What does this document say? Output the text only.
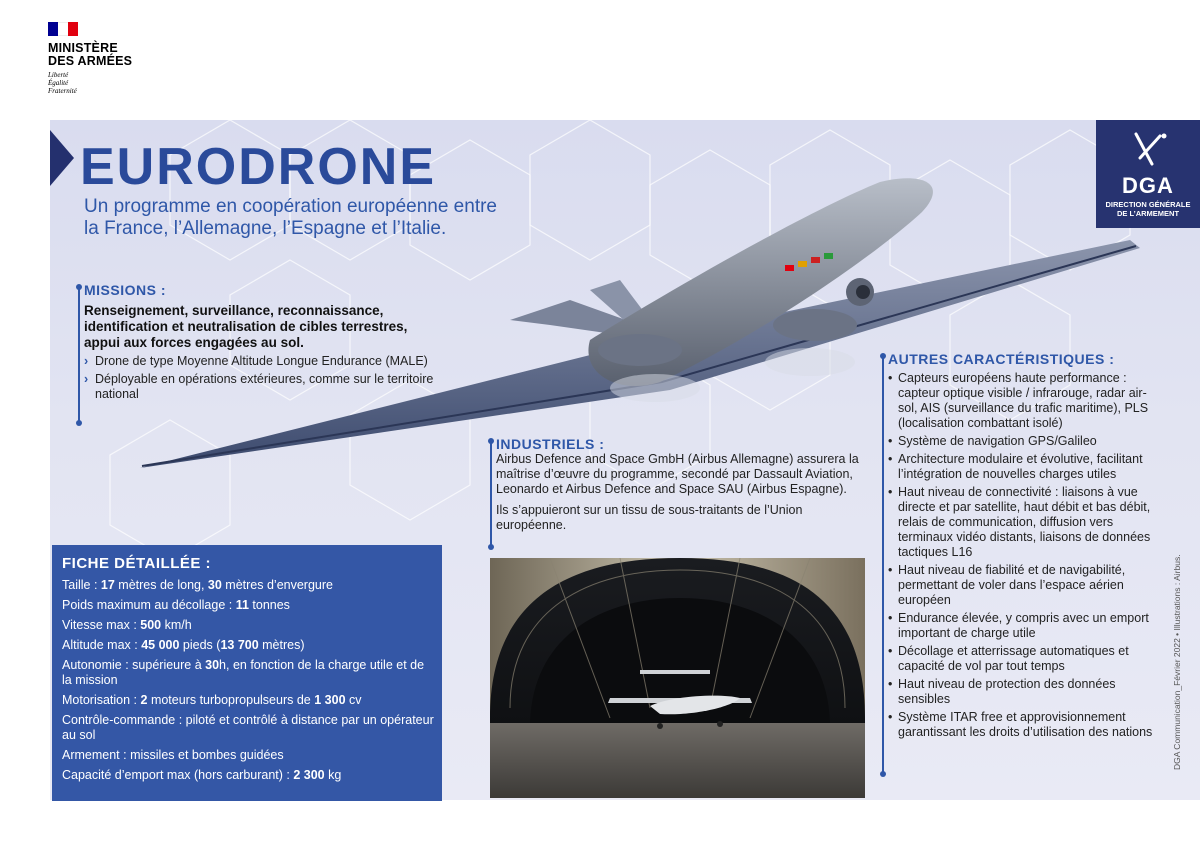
MINISTÈRE
DES ARMÉES
Liberté
Égalité
Fraternité
EURODRONE
Un programme en coopération européenne entre la France, l’Allemagne, l’Espagne et l’Italie.
DGA
DIRECTION GÉNÉRALE
DE L’ARMEMENT
MISSIONS :
Renseignement, surveillance, reconnaissance, identification et neutralisation de cibles terrestres, appui aux forces engagées au sol.
› Drone de type Moyenne Altitude Longue Endurance (MALE)
› Déployable en opérations extérieures, comme sur le territoire national
INDUSTRIELS :

Airbus Defence and Space GmbH (Airbus Allemagne) assurera la maîtrise d’œuvre du programme, secondé par Dassault Aviation, Leonardo et Airbus Defence and Space SAU (Airbus Espagne).

Ils s’appuieront sur un tissu de sous-traitants de l’Union européenne.

AUTRES CARACTÉRISTIQUES :
• Capteurs européens haute performance : capteur optique visible / infrarouge, radar air-sol, AIS (surveillance du trafic maritime), PLS (localisation combattant isolé)
• Système de navigation GPS/Galileo
• Architecture modulaire et évolutive, facilitant l’intégration de nouvelles charges utiles
• Haut niveau de connectivité : liaisons à vue directe et par satellite, haut débit et bas débit, relais de communication, diffusion vers terminaux vidéo distants, liaisons de données tactiques L16
• Haut niveau de fiabilité et de navigabilité, permettant de voler dans l’espace aérien européen
• Endurance élevée, y compris avec un emport important de charge utile
• Décollage et atterrissage automatiques et capacité de vol par tout temps
• Haut niveau de protection des données sensibles
• Système ITAR free et approvisionnement garantissant les droits d’utilisation des nations
FICHE DÉTAILLÉE :
Taille : 17 mètres de long, 30 mètres d’envergure
Poids maximum au décollage : 11 tonnes
Vitesse max : 500 km/h
Altitude max : 45 000 pieds (13 700 mètres)
Autonomie : supérieure à 30h, en fonction de la charge utile et de la mission
Motorisation : 2 moteurs turbopropulseurs de 1 300 cv
Contrôle-commande : piloté et contrôlé à distance par un opérateur au sol
Armement : missiles et bombes guidées
Capacité d’emport max (hors carburant) : 2 300 kg
DGA Communication_Février 2022 • Illustrations : Airbus.
